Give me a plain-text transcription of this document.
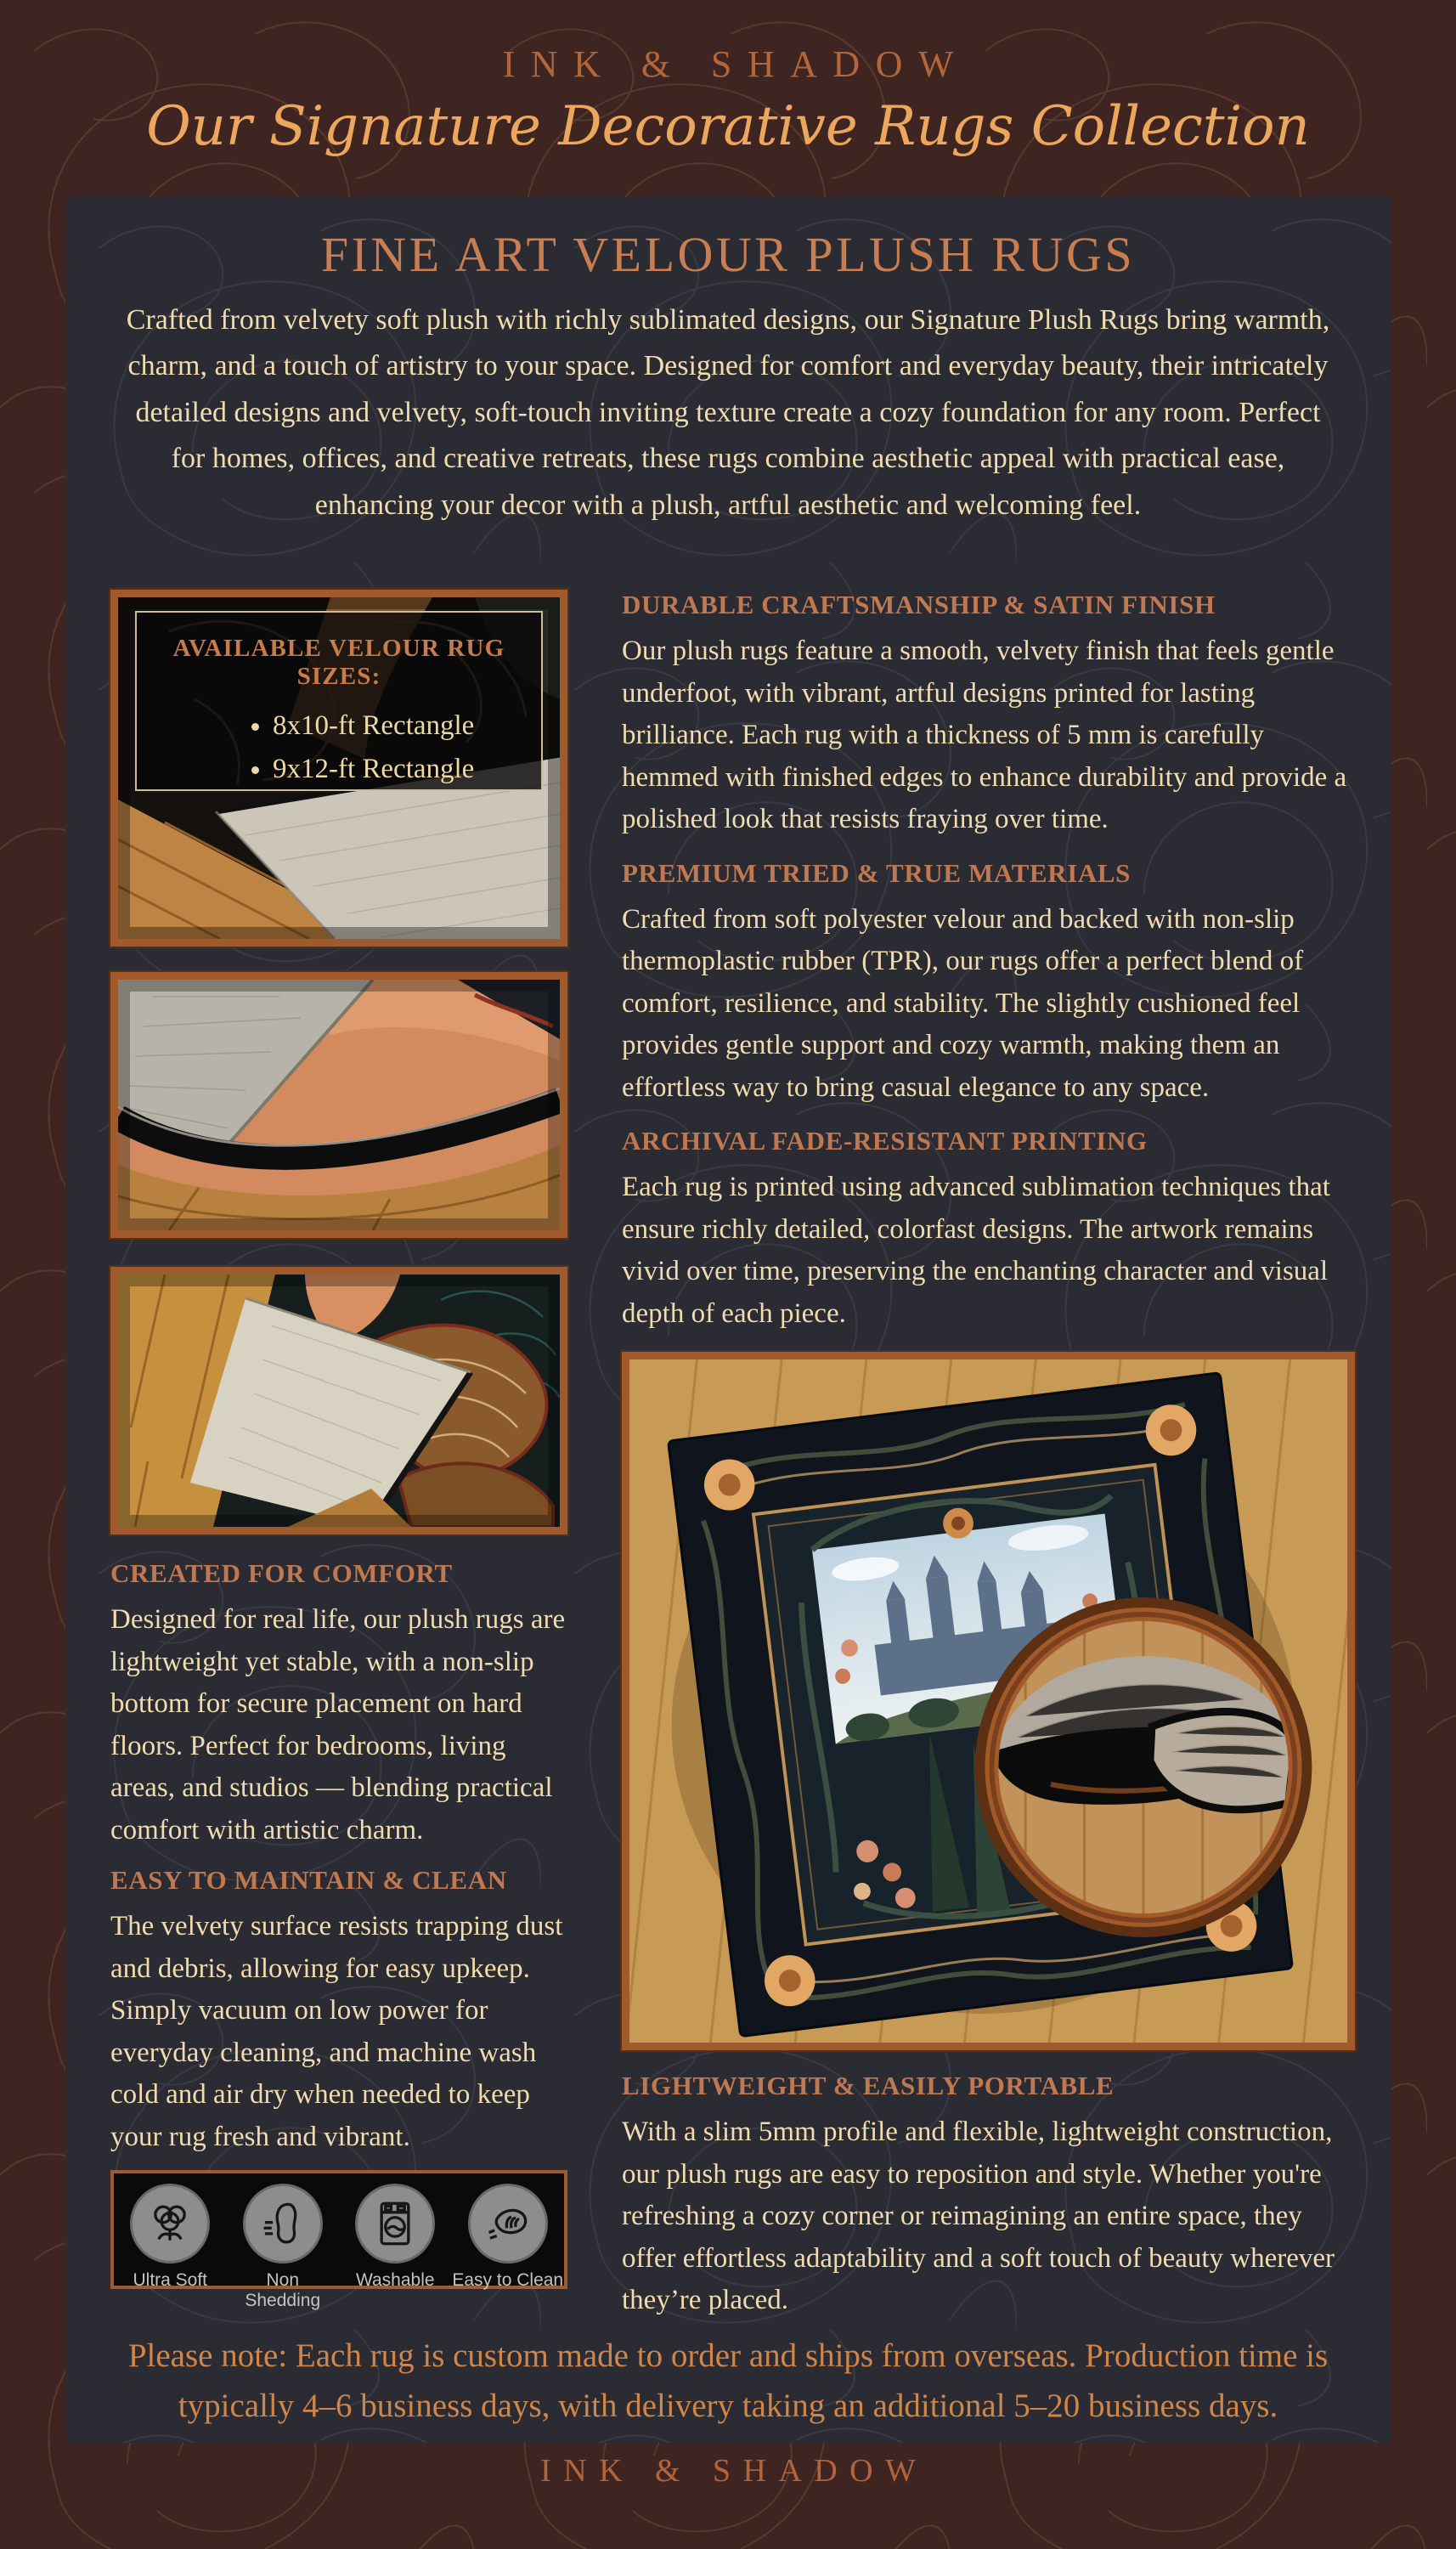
INK & SHADOW
Our Signature Decorative Rugs Collection
FINE ART VELOUR PLUSH RUGS

Crafted from velvety soft plush with richly sublimated designs, our Signature Plush Rugs bring warmth, charm, and a touch of artistry to your space. Designed for comfort and everyday beauty, their intricately detailed designs and velvety, soft-touch inviting texture create a cozy foundation for any room. Perfect for homes, offices, and creative retreats, these rugs combine aesthetic appeal with practical ease, enhancing your decor with a plush, artful aesthetic and welcoming feel.

AVAILABLE VELOUR RUG SIZES:
• 8x10-ft Rectangle
• 9x12-ft Rectangle
CREATED FOR COMFORT

Designed for real life, our plush rugs are lightweight yet stable, with a non-slip bottom for secure placement on hard floors. Perfect for bedrooms, living areas, and studios — blending practical comfort with artistic charm.

EASY TO MAINTAIN & CLEAN

The velvety surface resists trapping dust and debris, allowing for easy upkeep. Simply vacuum on low power for everyday cleaning, and machine wash cold and air dry when needed to keep your rug fresh and vibrant.

Ultra Soft	Non Shedding
Washable Easy to Clean
DURABLE CRAFTSMANSHIP & SATIN FINISH

Our plush rugs feature a smooth, velvety finish that feels gentle underfoot, with vibrant, artful designs printed for lasting brilliance. Each rug with a thickness of 5 mm is carefully hemmed with finished edges to enhance durability and provide a polished look that resists fraying over time.

PREMIUM TRIED & TRUE MATERIALS

Crafted from soft polyester velour and backed with non-slip thermoplastic rubber (TPR), our rugs offer a perfect blend of comfort, resilience, and stability. The slightly cushioned feel provides gentle support and cozy warmth, making them an effortless way to bring casual elegance to any space.

ARCHIVAL FADE-RESISTANT PRINTING

Each rug is printed using advanced sublimation techniques that ensure richly detailed, colorfast designs. The artwork remains vivid over time, preserving the enchanting character and visual depth of each piece.

LIGHTWEIGHT & EASILY PORTABLE

With a slim 5mm profile and flexible, lightweight construction, our plush rugs are easy to reposition and style. Whether you're refreshing a cozy corner or reimagining an entire space, they offer effortless adaptability and a soft touch of beauty wherever they’re placed.

Please note: Each rug is custom made to order and ships from overseas. Production time is typically 4–6 business days, with delivery taking an additional 5–20 business days.

INK & SHADOW
